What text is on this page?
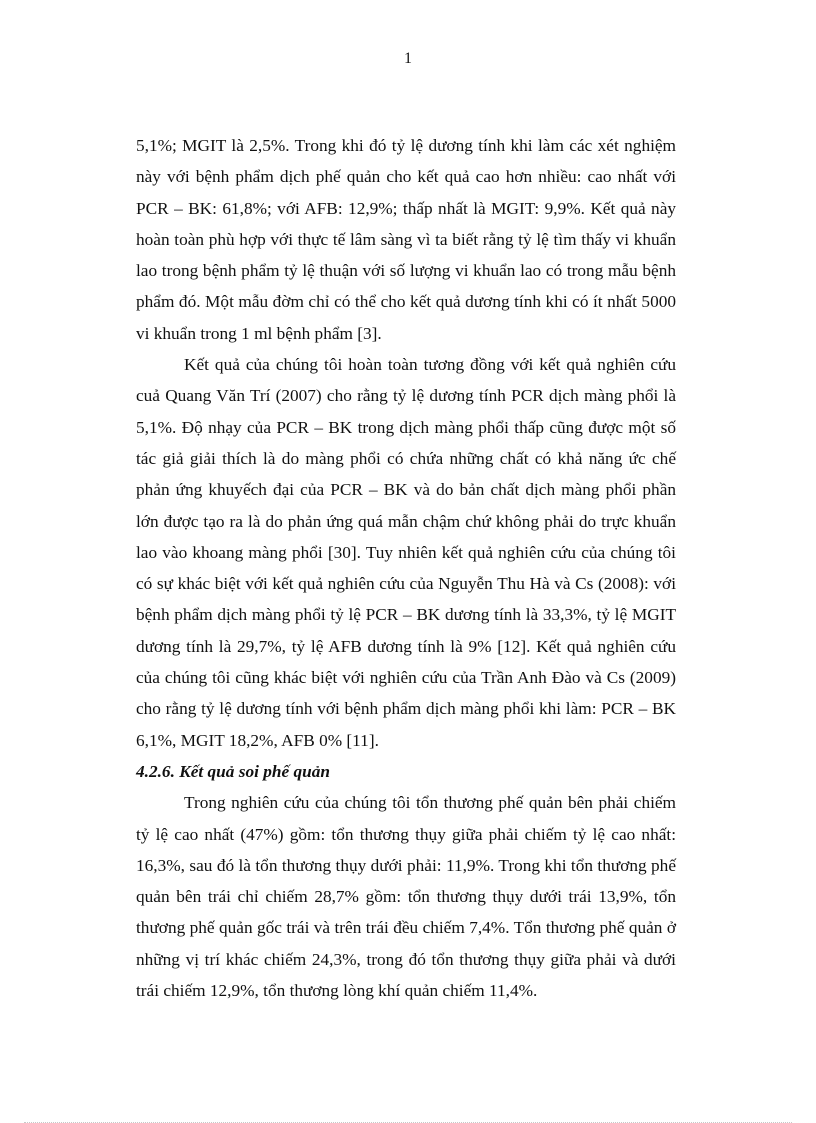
1

5,1%; MGIT là 2,5%. Trong khi đó tỷ lệ dương tính khi làm các xét nghiệm này với bệnh phẩm dịch phế quản cho kết quả cao hơn nhiều: cao nhất với PCR – BK: 61,8%; với AFB: 12,9%; thấp nhất là MGIT: 9,9%. Kết quả này hoàn toàn phù hợp với thực tế lâm sàng vì ta biết rằng tỷ lệ tìm thấy vi khuẩn lao trong bệnh phẩm tỷ lệ thuận với số lượng vi khuẩn lao có trong mẫu bệnh phẩm đó. Một mẫu đờm chỉ có thể cho kết quả dương tính khi có ít nhất 5000 vi khuẩn trong 1 ml bệnh phẩm [3].

Kết quả của chúng tôi hoàn toàn tương đồng với kết quả nghiên cứu cuả Quang Văn Trí (2007) cho rằng tỷ lệ dương tính PCR dịch màng phổi là 5,1%. Độ nhạy của PCR – BK trong dịch màng phổi thấp cũng được một số tác giả giải thích là do màng phổi có chứa những chất có khả năng ức chế phản ứng khuyếch đại của PCR – BK và do bản chất dịch màng phổi phần lớn được tạo ra là do phản ứng quá mẫn chậm chứ không phải do trực khuẩn lao vào khoang màng phổi [30]. Tuy nhiên kết quả nghiên cứu của chúng tôi có sự khác biệt với kết quả nghiên cứu của Nguyễn Thu Hà và Cs (2008): với bệnh phẩm dịch màng phổi tỷ lệ PCR – BK dương tính là 33,3%, tỷ lệ MGIT dương tính là 29,7%, tỷ lệ AFB dương tính là 9% [12]. Kết quả nghiên cứu của chúng tôi cũng khác biệt với nghiên cứu của Trần Anh Đào và Cs (2009) cho rằng tỷ lệ dương tính với bệnh phẩm dịch màng phổi khi làm: PCR – BK 6,1%, MGIT 18,2%, AFB 0% [11].

4.2.6. Kết quả soi phế quản

Trong nghiên cứu của chúng tôi tổn thương phế quản bên phải chiếm tỷ lệ cao nhất (47%) gồm: tổn thương thụy giữa phải chiếm tỷ lệ cao nhất: 16,3%, sau đó là tổn thương thụy dưới phải: 11,9%. Trong khi tổn thương phế quản bên trái chỉ chiếm 28,7% gồm: tổn thương thụy dưới trái 13,9%, tổn thương phế quản gốc trái và trên trái đều chiếm 7,4%. Tổn thương phế quản ở những vị trí khác chiếm 24,3%, trong đó tổn thương thụy giữa phải và dưới trái chiếm 12,9%, tổn thương lòng khí quản chiếm 11,4%.
